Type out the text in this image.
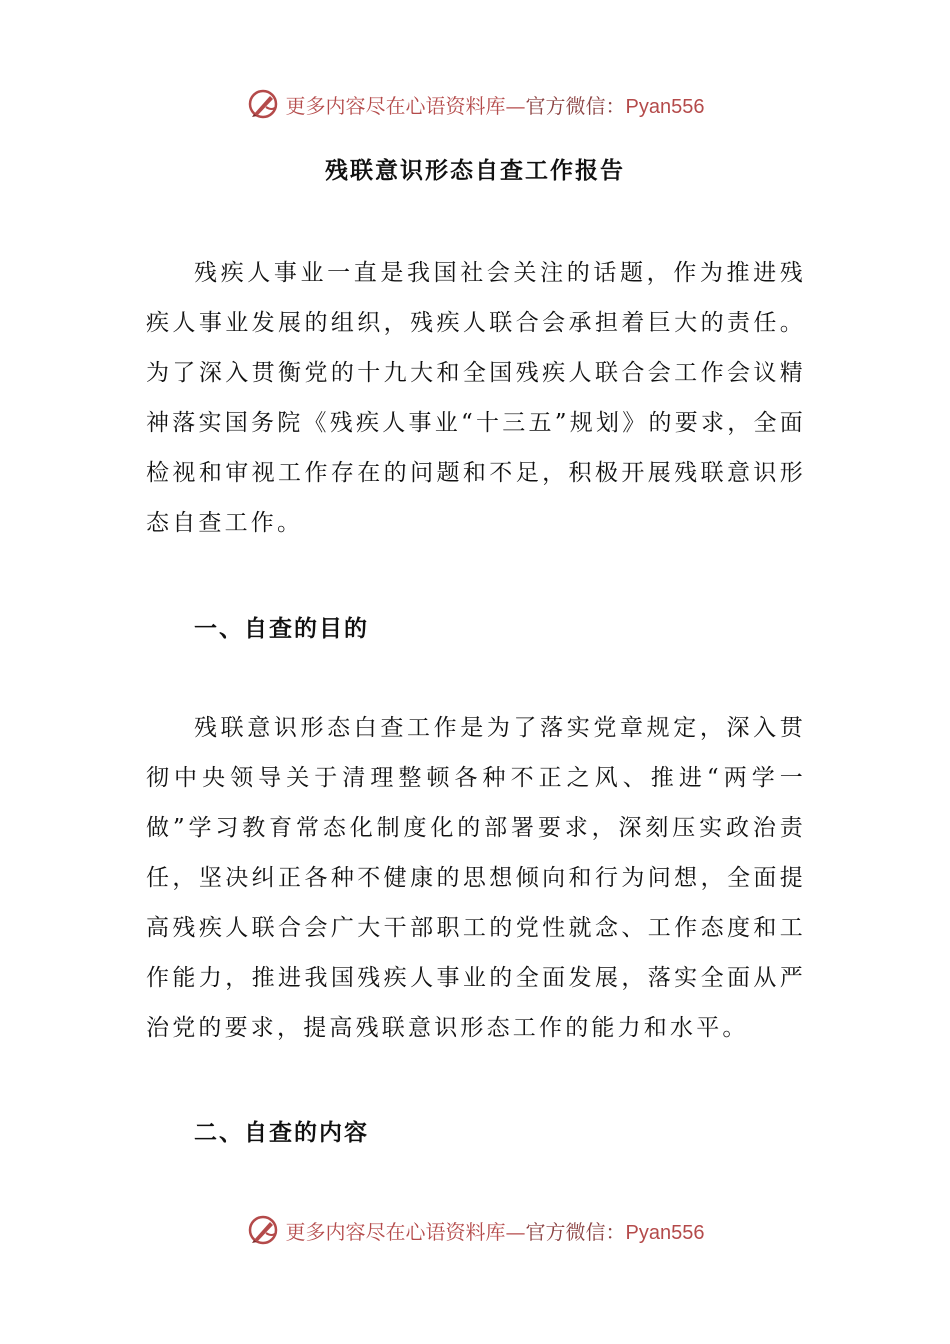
更多内容尽在心语资料库—官方微信：Pyan556
残联意识形态自查工作报告

残疾人事业一直是我国社会关注的话题，作为推进残疾人事业发展的组织，残疾人联合会承担着巨大的责任。为了深入贯衡党的十九大和全国残疾人联合会工作会议精神落实国务院《残疾人事业“十三五”规划》的要求，全面检视和审视工作存在的问题和不足，积极开展残联意识形态自查工作。

一、自查的目的

残联意识形态白查工作是为了落实党章规定，深入贯彻中央领导关于清理整顿各种不正之风、推进“两学一做”学习教育常态化制度化的部署要求，深刻压实政治责任，坚决纠正各种不健康的思想倾向和行为问想，全面提高残疾人联合会广大干部职工的党性就念、工作态度和工作能力，推进我国残疾人事业的全面发展，落实全面从严治党的要求，提高残联意识形态工作的能力和水平。

二、自查的内容
更多内容尽在心语资料库—官方微信：Pyan556
